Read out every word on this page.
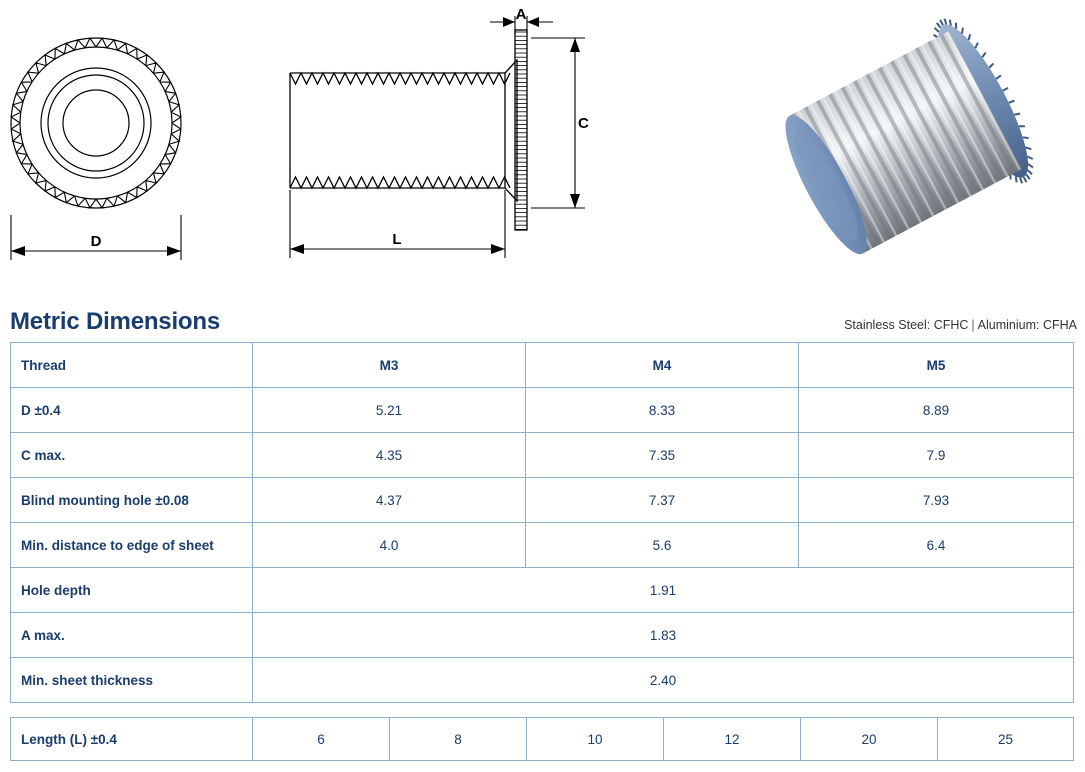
D
A
C
L
Metric Dimensions	Stainless Steel: CFHC | Aluminium: CFHA
Thread	M3	M4	M5
D ±0.4	5.21	8.33	8.89
C max.	4.35	7.35	7.9
Blind mounting hole ±0.08	4.37	7.37	7.93
Min. distance to edge of sheet	4.0	5.6	6.4
Hole depth	1.91		
A max.	1.83		
Min. sheet thickness	2.40		
Length (L) ±0.4	6	8	10	12	20	25
